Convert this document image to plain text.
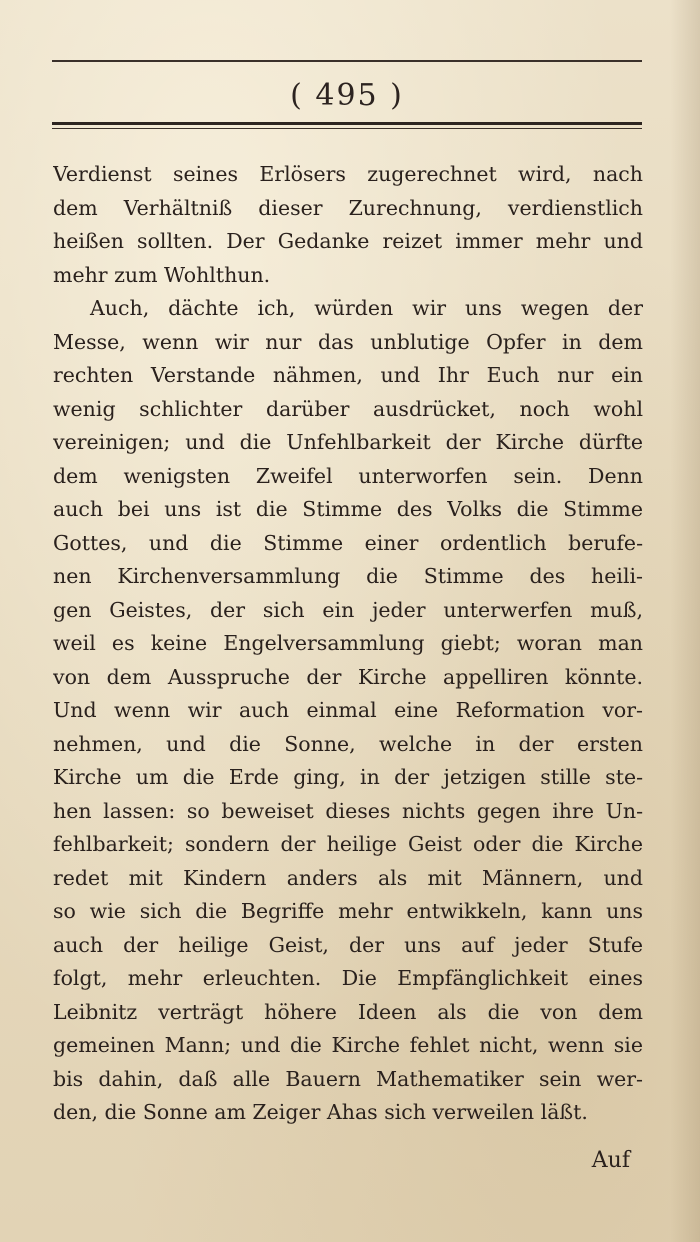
( 495 )
Verdienst seines Erlösers zugerechnet wird, nach
dem Verhältniß dieser Zurechnung, verdienstlich
heißen sollten. Der Gedanke reizet immer mehr und
mehr zum Wohlthun.
Auch, dächte ich, würden wir uns wegen der
Messe, wenn wir nur das unblutige Opfer in dem
rechten Verstande nähmen, und Ihr Euch nur ein
wenig schlichter darüber ausdrücket, noch wohl
vereinigen; und die Unfehlbarkeit der Kirche dürfte
dem wenigsten Zweifel unterworfen sein. Denn
auch bei uns ist die Stimme des Volks die Stimme
Gottes, und die Stimme einer ordentlich berufe-
nen Kirchenversammlung die Stimme des heili-
gen Geistes, der sich ein jeder unterwerfen muß,
weil es keine Engelversammlung giebt; woran man
von dem Ausspruche der Kirche appelliren könnte.
Und wenn wir auch einmal eine Reformation vor-
nehmen, und die Sonne, welche in der ersten
Kirche um die Erde ging, in der jetzigen stille ste-
hen lassen: so beweiset dieses nichts gegen ihre Un-
fehlbarkeit; sondern der heilige Geist oder die Kirche
redet mit Kindern anders als mit Männern, und
so wie sich die Begriffe mehr entwikkeln, kann uns
auch der heilige Geist, der uns auf jeder Stufe
folgt, mehr erleuchten. Die Empfänglichkeit eines
Leibnitz verträgt höhere Ideen als die von dem
gemeinen Mann; und die Kirche fehlet nicht, wenn sie
bis dahin, daß alle Bauern Mathematiker sein wer-
den, die Sonne am Zeiger Ahas sich verweilen läßt.
Auf
